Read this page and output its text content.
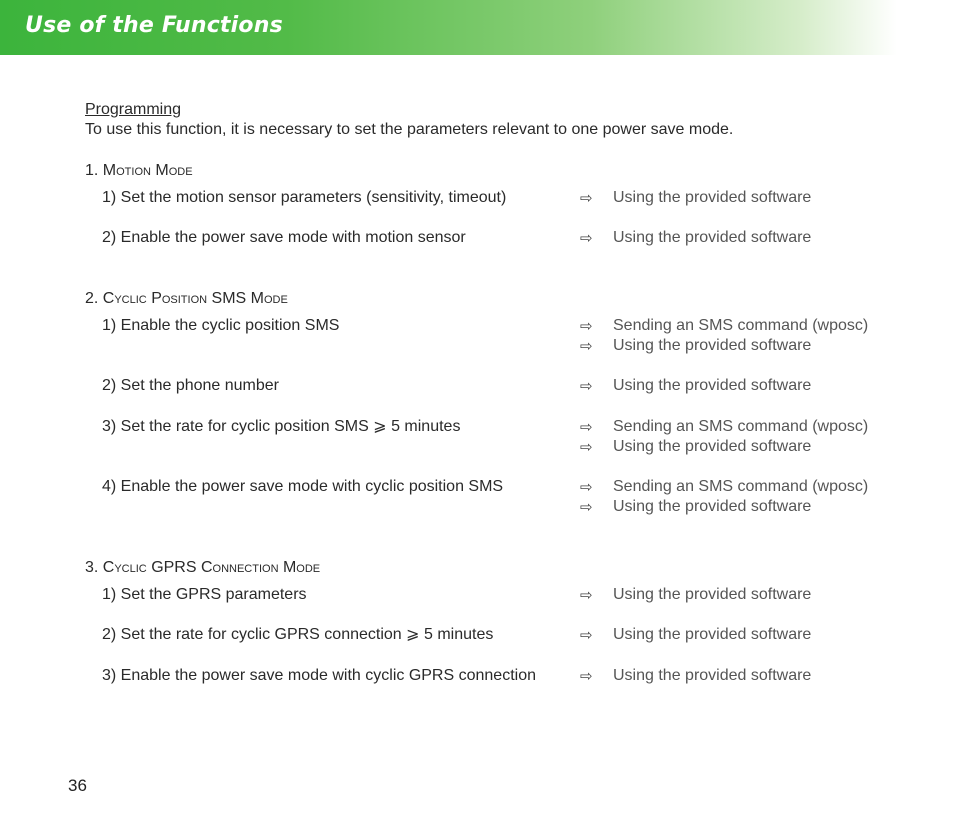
Use of the Functions
Programming
To use this function, it is necessary to set the parameters relevant to one power save mode.
1. Motion Mode
1) Set the motion sensor parameters (sensitivity, timeout)	⇨ Using the provided software
2) Enable the power save mode with motion sensor	⇨ Using the provided software
2. Cyclic Position SMS Mode
1) Enable the cyclic position SMS	⇨ Sending an SMS command (wposc)
⇨ Using the provided software
2) Set the phone number	⇨ Using the provided software
3) Set the rate for cyclic position SMS ⩾ 5 minutes	⇨ Sending an SMS command (wposc)
⇨ Using the provided software
4) Enable the power save mode with cyclic position SMS	⇨ Sending an SMS command (wposc)
⇨ Using the provided software
3. Cyclic GPRS Connection Mode
1) Set the GPRS parameters	⇨ Using the provided software
2) Set the rate for cyclic GPRS connection ⩾ 5 minutes	⇨ Using the provided software
3) Enable the power save mode with cyclic GPRS connection	⇨ Using the provided software
36
